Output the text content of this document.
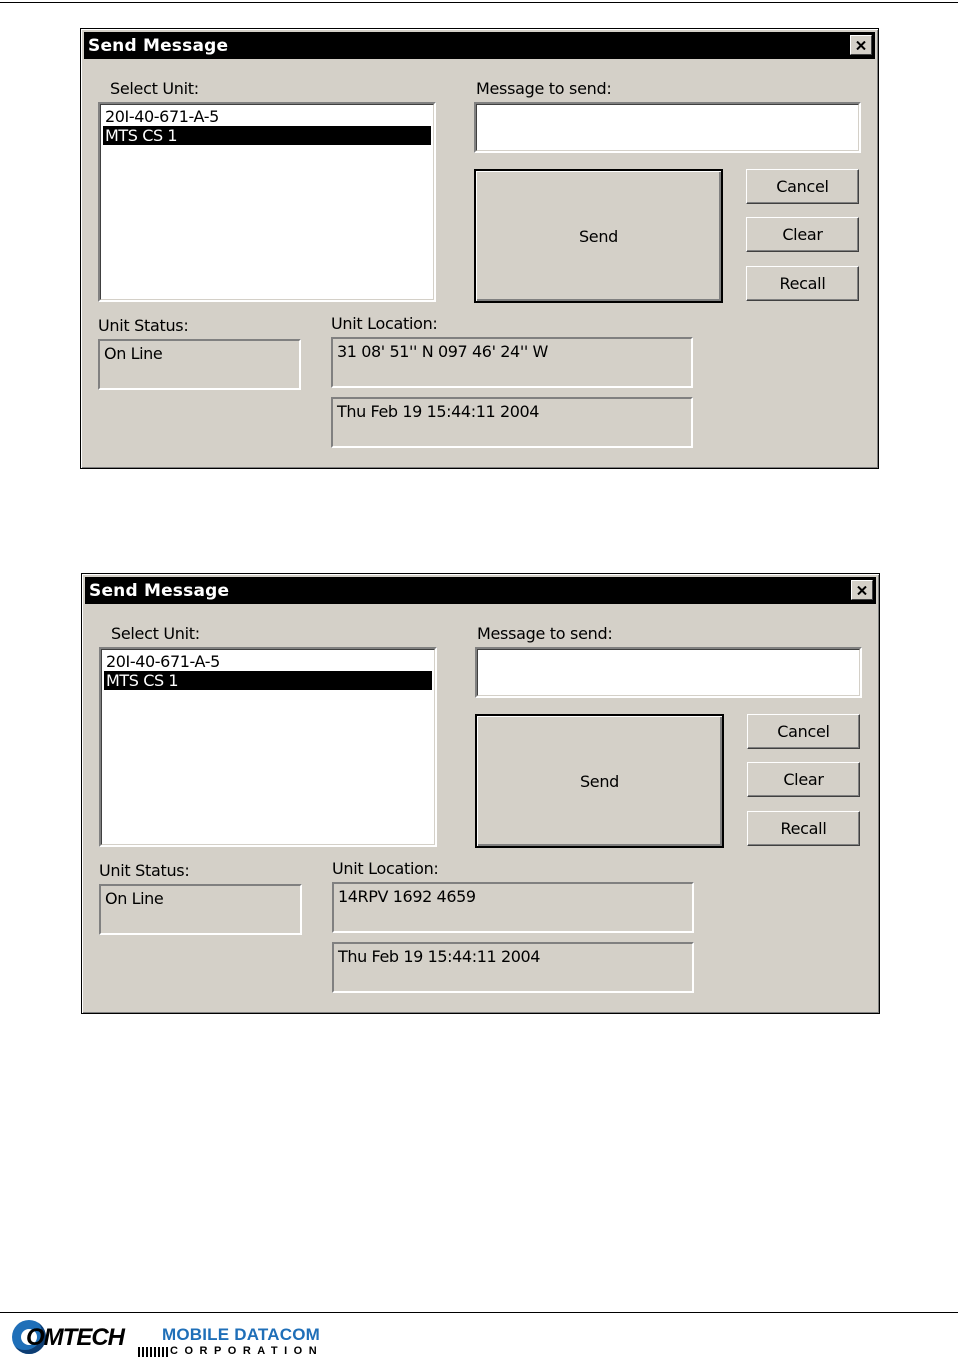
Send Message
Select Unit:
20I-40-671-A-5
MTS CS 1
Message to send:
Send
Cancel
Clear
Recall
Unit Status:
On Line
Unit Location:
31 08' 51'' N 097 46' 24'' W
Thu Feb 19 15:44:11 2004
Send Message
Select Unit:
20I-40-671-A-5
MTS CS 1
Message to send:
Send
Cancel
Clear
Recall
Unit Status:
On Line
Unit Location:
14RPV 1692 4659
Thu Feb 19 15:44:11 2004
OMTECH MOBILE DATACOM
CORPORATION
